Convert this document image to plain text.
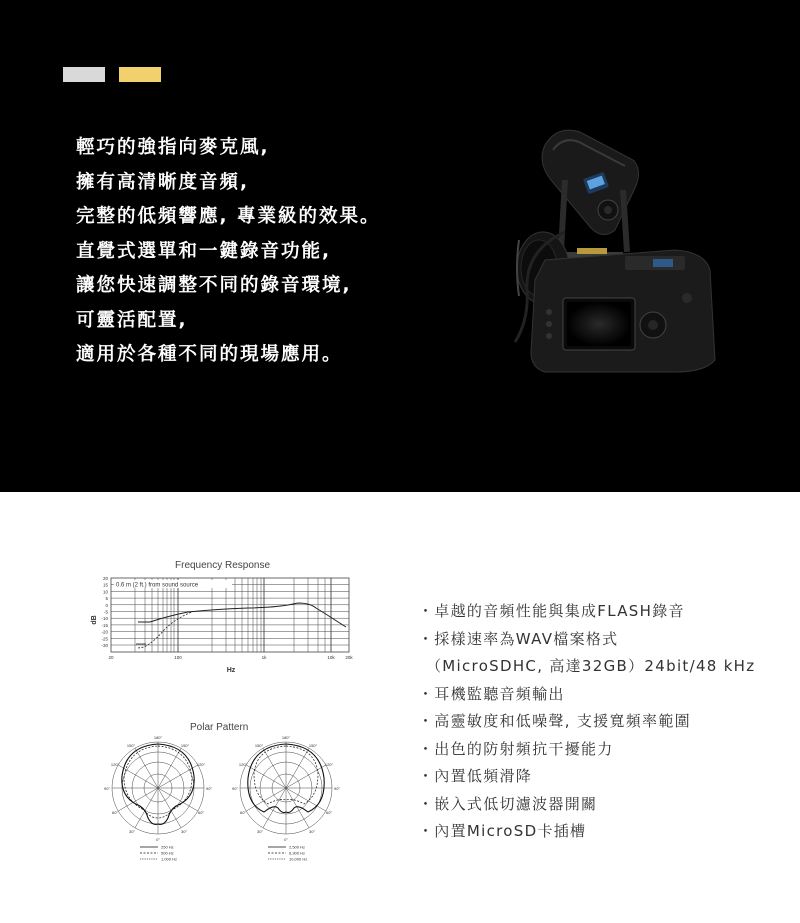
輕巧的強指向麥克風,
擁有高清晰度音頻,
完整的低頻響應, 專業級的效果。
直覺式選單和一鍵錄音功能,
讓您快速調整不同的錄音環境,
可靈活配置,
適用於各種不同的現場應用。
Frequency Response
0.6 m (2 ft.) from sound source
20
15
10
5
0
-5
-10
-15
-20
-25
-30
20	100	1k	10k 20k
dB
Hz
Polar Pattern
180°
150°	150°
120°	120°
90°	90°
60°	60°
30°	30°
0°
250 Hz
500 Hz
1,000 Hz
180°
150°	150°
120°	120°
90°	90°
60°	60°
30°	30°
0°
2,500 Hz
6,300 Hz
10,000 Hz
・卓越的音頻性能與集成FLASH錄音
・採樣速率為WAV檔案格式
（MicroSDHC, 高達32GB）24bit/48 kHz
・耳機監聽音頻輸出
・高靈敏度和低噪聲, 支援寬頻率範圍
・出色的防射頻抗干擾能力
・內置低頻滑降
・嵌入式低切濾波器開關
・內置MicroSD卡插槽
